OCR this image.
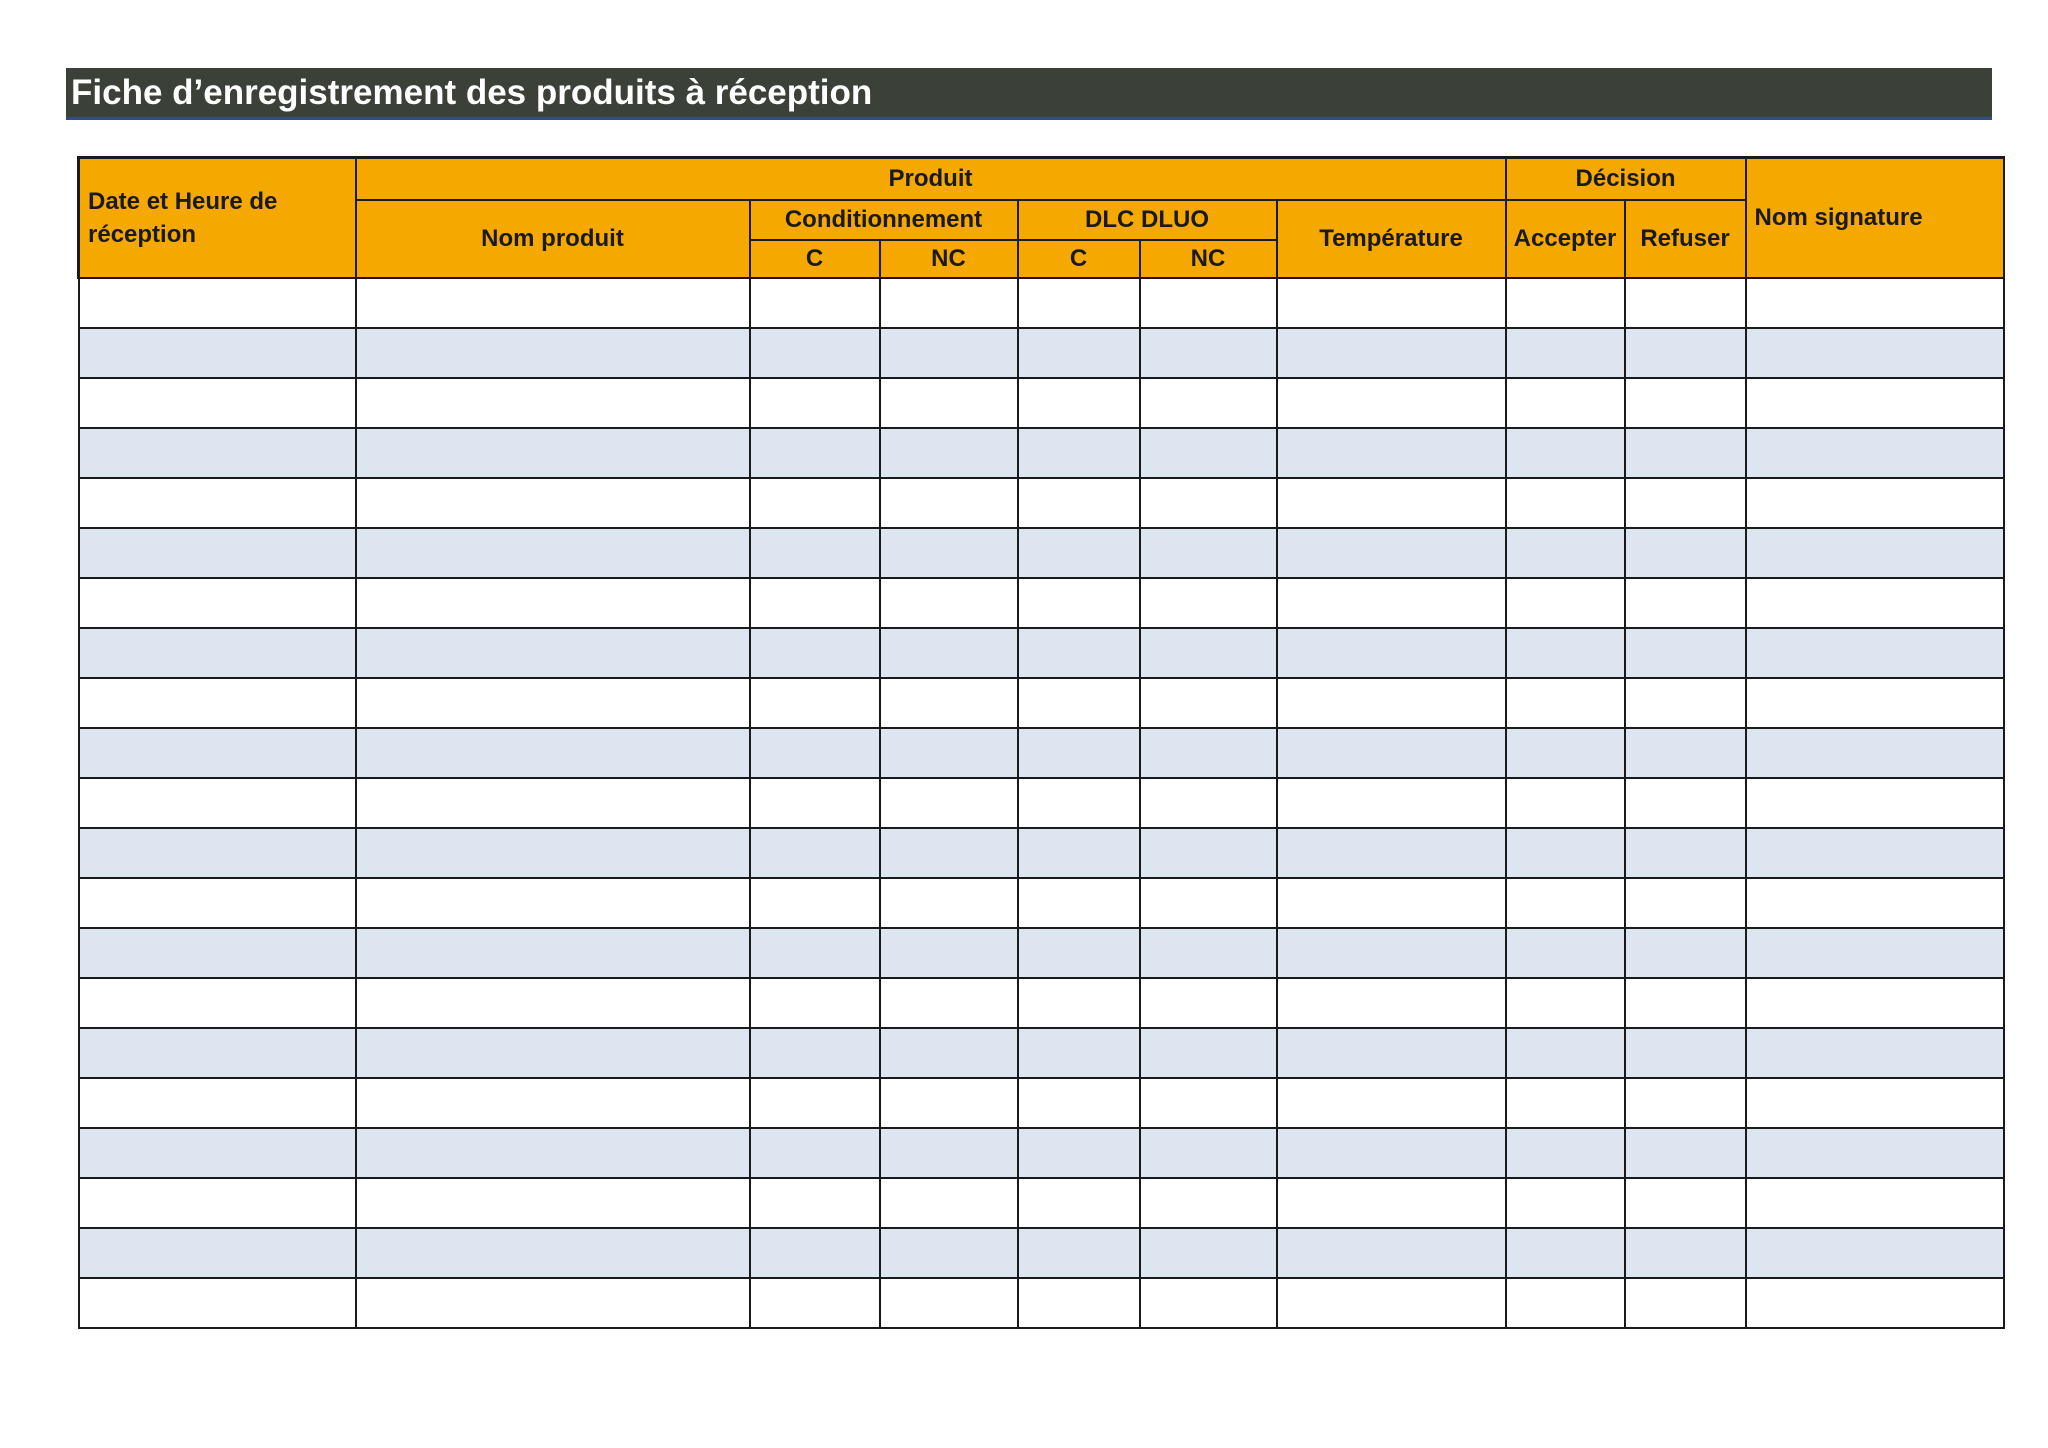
Fiche d’enregistrement des produits à réception
Date et Heure de réception	Produit						Décision		Nom signature
	Nom produit	Conditionnement		DLC DLUO		Température	Accepter	Refuser	
		C	NC	C	NC				
